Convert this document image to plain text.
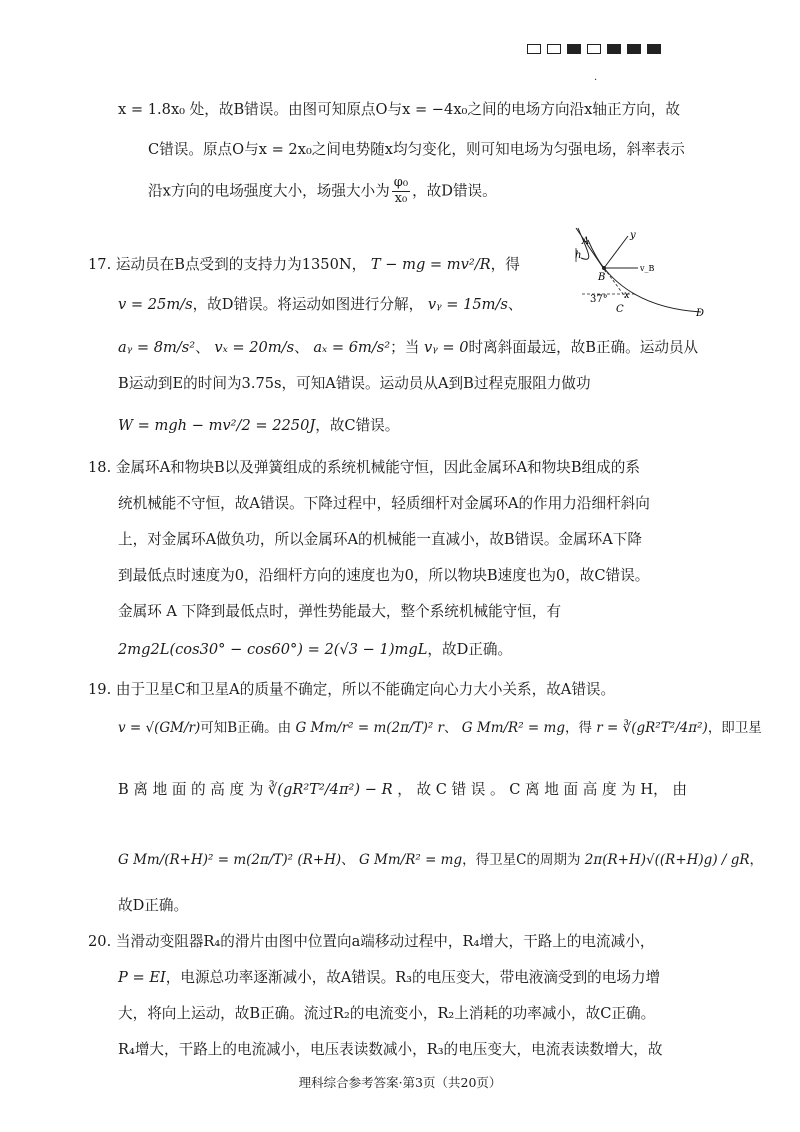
.
x = 1.8x₀ 处，故B错误。由图可知原点O与x = −4x₀之间的电场方向沿x轴正方向，故
C错误。原点O与x = 2x₀之间电势随x均匀变化，则可知电场为匀强电场，斜率表示
沿x方向的电场强度大小，场强大小为 $\frac{\text{φ₀}}{\text{x₀}}$ ，故D错误。
17. 运动员在B点受到的支持力为1350N， T − mg = mv²/R，得
v = 25m/s，故D错误。将运动如图进行分解， vᵧ = 15m/s、
aᵧ = 8m/s²、 vₓ = 20m/s、 aₓ = 6m/s²；当 vᵧ = 0时离斜面最远，故B正确。运动员从
B运动到E的时间为3.75s，可知A错误。运动员从A到B过程克服阻力做功
W = mgh − mv²/2 = 2250J，故C错误。
18. 金属环A和物块B以及弹簧组成的系统机械能守恒，因此金属环A和物块B组成的系
统机械能不守恒，故A错误。下降过程中，轻质细杆对金属环A的作用力沿细杆斜向
上，对金属环A做负功，所以金属环A的机械能一直减小，故B错误。金属环A下降
到最低点时速度为0，沿细杆方向的速度也为0，所以物块B速度也为0，故C错误。
金属环 A 下降到最低点时，弹性势能最大，整个系统机械能守恒，有
2mg2L(cos30° − cos60°) = 2(√3 − 1)mgL，故D正确。
19. 由于卫星C和卫星A的质量不确定，所以不能确定向心力大小关系，故A错误。
v = √(GM/r)可知B正确。由 G Mm/r² = m(2π/T)² r、 G Mm/R² = mg，得 r = ∛(gR²T²/4π²)，即卫星
B 离 地 面 的 高 度 为 ∛(gR²T²/4π²) − R ， 故 C 错 误 。 C 离 地 面 高 度 为 H， 由
G Mm/(R+H)² = m(2π/T)² (R+H)、 G Mm/R² = mg，得卫星C的周期为 2π(R+H)√((R+H)g) / gR，
故D正确。
20. 当滑动变阻器R₄的滑片由图中位置向a端移动过程中，R₄增大，干路上的电流减小，
P = EI，电源总功率逐渐减小，故A错误。R₃的电压变大，带电液滴受到的电场力增
大，将向上运动，故B正确。流过R₂的电流变小，R₂上消耗的功率减小，故C正确。
R₄增大，干路上的电流减小，电压表读数减小，R₃的电压变大，电流表读数增大，故
A
h
y
B
v_B
37° x
C	D
理科综合参考答案·第3页（共20页）
